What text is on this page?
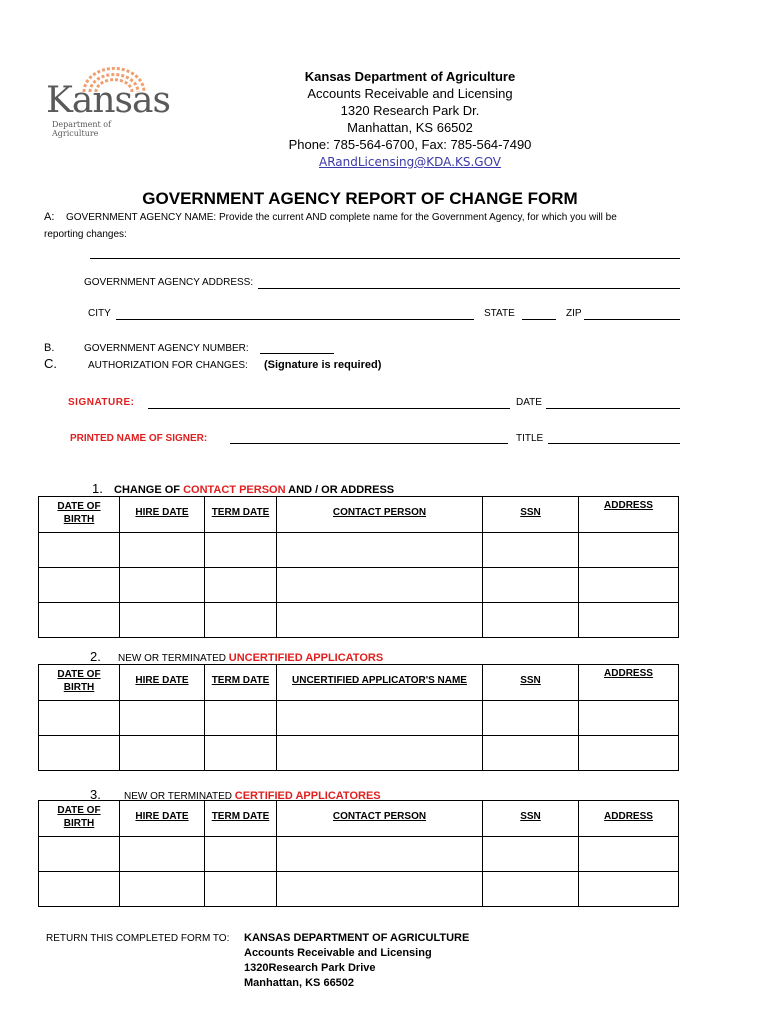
Kansas
Department of Agriculture
Kansas Department of Agriculture
Accounts Receivable and Licensing
1320 Research Park Dr.
Manhattan, KS 66502
Phone: 785-564-6700, Fax: 785-564-7490
ARandLicensing@KDA.KS.GOV
GOVERNMENT AGENCY REPORT OF CHANGE FORM
A: GOVERNMENT AGENCY NAME: Provide the current AND complete name for the Government Agency, for which you will be
reporting changes:
GOVERNMENT AGENCY ADDRESS:
CITY	STATE	ZIP
B.	GOVERNMENT AGENCY NUMBER:
C.	AUTHORIZATION FOR CHANGES: (Signature is required)
SIGNATURE:	DATE
PRINTED NAME OF SIGNER:	TITLE
1. CHANGE OF CONTACT PERSON AND / OR ADDRESS
DATE OF
BIRTH	HIRE DATE	TERM DATE	CONTACT PERSON	SSN	ADDRESS

2. NEW OR TERMINATED UNCERTIFIED APPLICATORS
DATE OF
BIRTH	HIRE DATE	TERM DATE	UNCERTIFIED APPLICATOR'S NAME	SSN	ADDRESS

3. NEW OR TERMINATED CERTIFIED APPLICATORES
DATE OF
BIRTH	HIRE DATE	TERM DATE	CONTACT PERSON	SSN	ADDRESS

RETURN THIS COMPLETED FORM TO: KANSAS DEPARTMENT OF AGRICULTURE
Accounts Receivable and Licensing
1320Research Park Drive
Manhattan, KS 66502
